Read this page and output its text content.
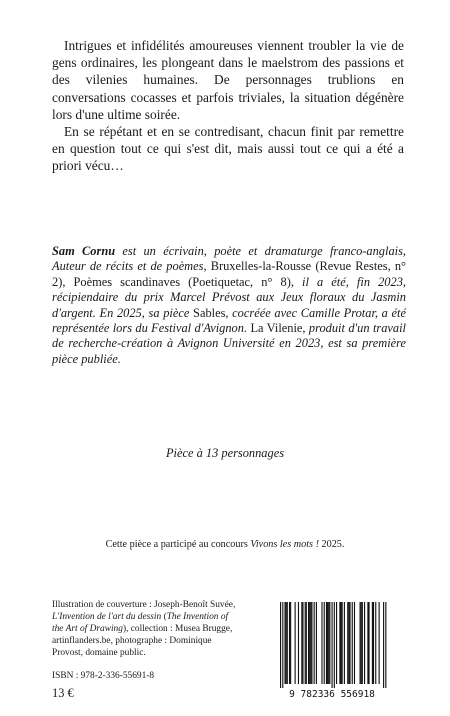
Intrigues et infidélités amoureuses viennent troubler la vie de gens ordinaires, les plongeant dans le maelstrom des passions et des vilenies humaines. De personnages trublions en conversations cocasses et parfois triviales, la situation dégénère lors d'une ultime soirée.

En se répétant et en se contredisant, chacun finit par remettre en question tout ce qui s'est dit, mais aussi tout ce qui a été a priori vécu…

Sam Cornu est un écrivain, poète et dramaturge franco-anglais, Auteur de récits et de poèmes, Bruxelles-la-Rousse (Revue Restes, n° 2), Poèmes scandinaves (Poetiquetac, n° 8), il a été, fin 2023, récipiendaire du prix Marcel Prévost aux Jeux floraux du Jasmin d'argent. En 2025, sa pièce Sables, cocréée avec Camille Protar, a été représentée lors du Festival d'Avignon. La Vilenie, produit d'un travail de recherche-création à Avignon Université en 2023, est sa première pièce publiée.
Pièce à 13 personnages
Cette pièce a participé au concours Vivons les mots ! 2025.
Illustration de couverture : Joseph-Benoît Suvée, L'Invention de l'art du dessin (The Invention of the Art of Drawing), collection : Musea Brugge, artinflanders.be, photographe : Dominique Provost, domaine public.
ISBN : 978-2-336-55691-8
13 €	9 782336 556918
